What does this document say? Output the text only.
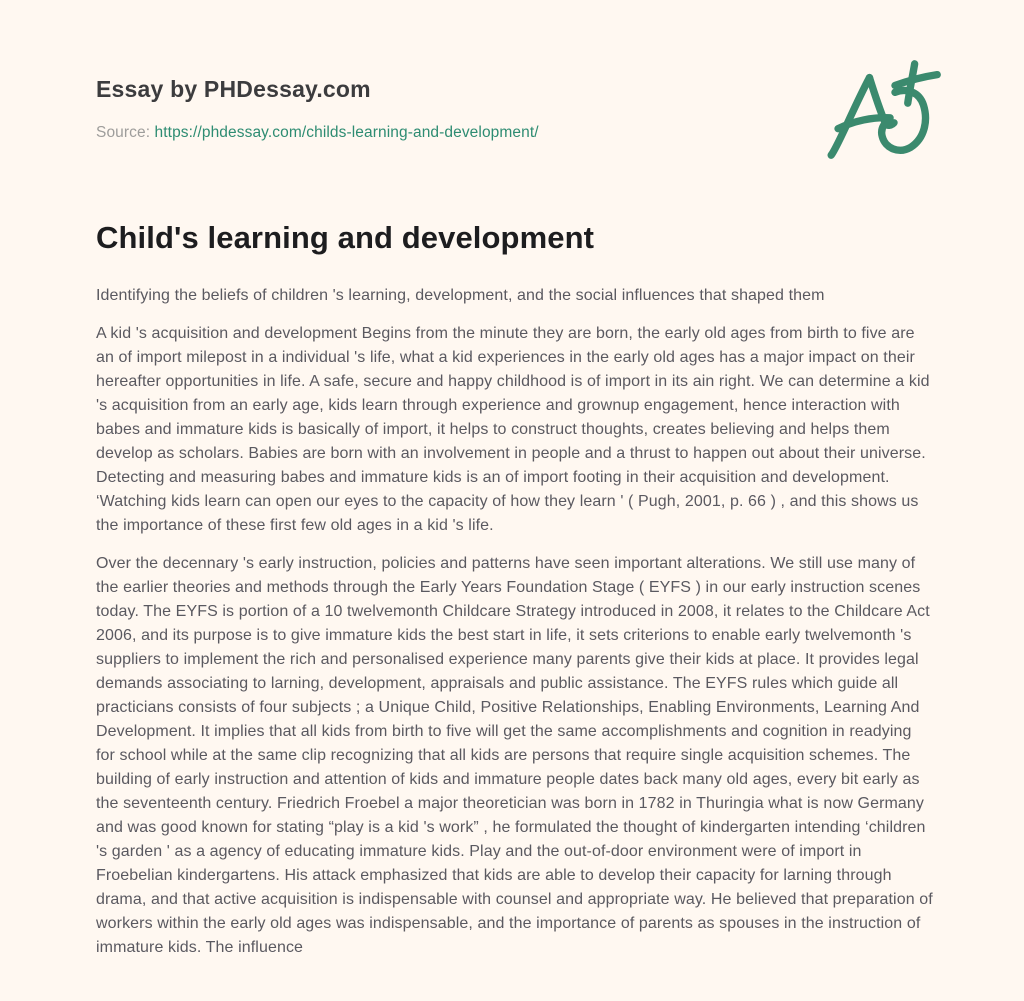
Essay by PHDessay.com

Source: https://phdessay.com/childs-learning-and-development/

Child's learning and development

Identifying the beliefs of children 's learning, development, and the social influences that shaped them

A kid 's acquisition and development Begins from the minute they are born, the early old ages from birth to five are an of import milepost in a individual 's life, what a kid experiences in the early old ages has a major impact on their hereafter opportunities in life. A safe, secure and happy childhood is of import in its ain right. We can determine a kid 's acquisition from an early age, kids learn through experience and grownup engagement, hence interaction with babes and immature kids is basically of import, it helps to construct thoughts, creates believing and helps them develop as scholars. Babies are born with an involvement in people and a thrust to happen out about their universe. Detecting and measuring babes and immature kids is an of import footing in their acquisition and development. ‘Watching kids learn can open our eyes to the capacity of how they learn ' ( Pugh, 2001, p. 66 ) , and this shows us the importance of these first few old ages in a kid 's life.

Over the decennary 's early instruction, policies and patterns have seen important alterations. We still use many of the earlier theories and methods through the Early Years Foundation Stage ( EYFS ) in our early instruction scenes today. The EYFS is portion of a 10 twelvemonth Childcare Strategy introduced in 2008, it relates to the Childcare Act 2006, and its purpose is to give immature kids the best start in life, it sets criterions to enable early twelvemonth 's suppliers to implement the rich and personalised experience many parents give their kids at place. It provides legal demands associating to larning, development, appraisals and public assistance. The EYFS rules which guide all practicians consists of four subjects ; a Unique Child, Positive Relationships, Enabling Environments, Learning And Development. It implies that all kids from birth to five will get the same accomplishments and cognition in readying for school while at the same clip recognizing that all kids are persons that require single acquisition schemes. The building of early instruction and attention of kids and immature people dates back many old ages, every bit early as the seventeenth century. Friedrich Froebel a major theoretician was born in 1782 in Thuringia what is now Germany and was good known for stating “play is a kid 's work” , he formulated the thought of kindergarten intending ‘children 's garden ' as a agency of educating immature kids. Play and the out-of-door environment were of import in Froebelian kindergartens. His attack emphasized that kids are able to develop their capacity for larning through drama, and that active acquisition is indispensable with counsel and appropriate way. He believed that preparation of workers within the early old ages was indispensable, and the importance of parents as spouses in the instruction of immature kids. The influence
